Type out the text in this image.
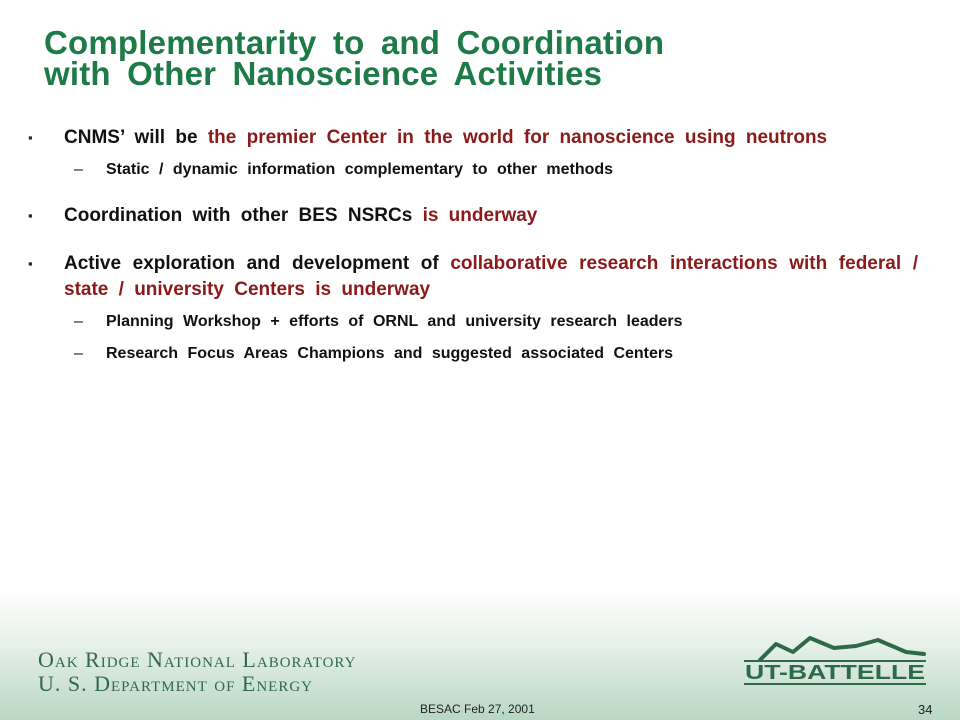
Complementarity to and Coordination
with Other Nanoscience Activities
▪ CNMS’ will be the premier Center in the world for nanoscience using neutrons
– Static / dynamic information complementary to other methods
▪ Coordination with other BES NSRCs is underway
▪ Active exploration and development of collaborative research interactions with federal / state / university Centers is underway
– Planning Workshop + efforts of ORNL and university research leaders
– Research Focus Areas Champions and suggested associated Centers
Oak Ridge National Laboratory
U. S. Department of Energy	UT-BATTELLE
BESAC Feb 27, 2001	34
